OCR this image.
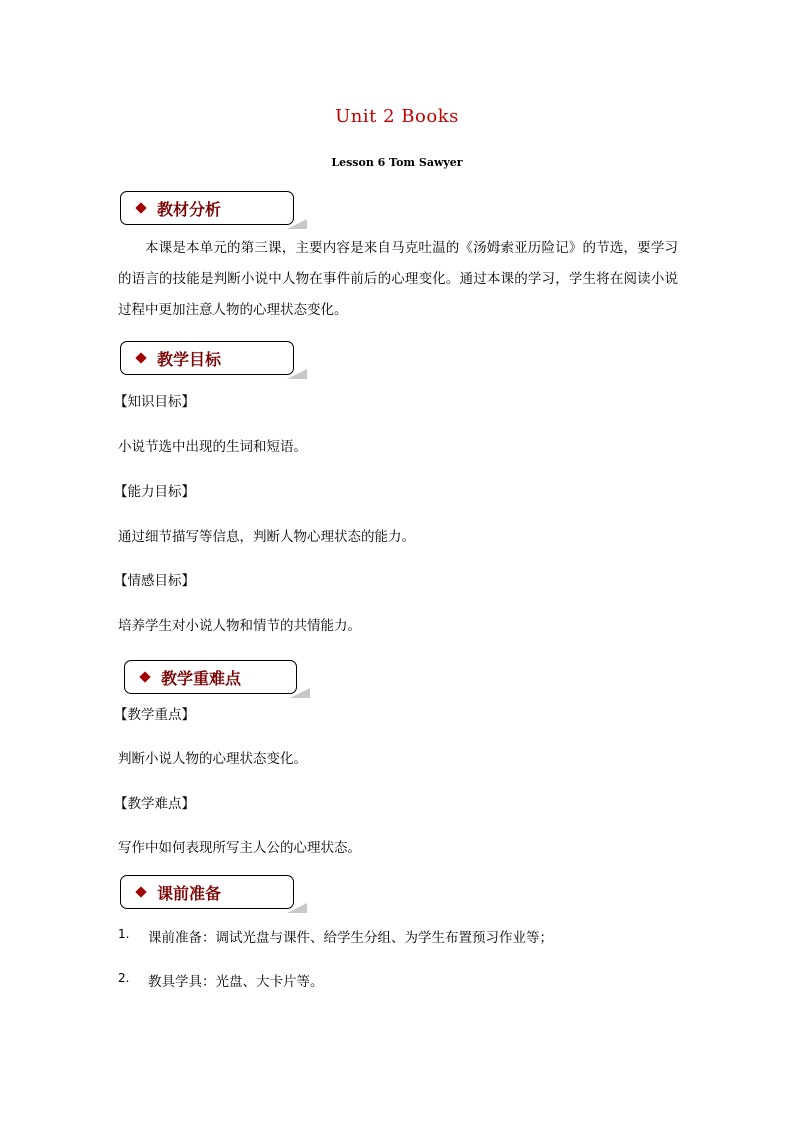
Unit 2 Books
Lesson 6 Tom Sawyer
教材分析
本课是本单元的第三课，主要内容是来自马克吐温的《汤姆索亚历险记》的节选，要学习的语言的技能是判断小说中人物在事件前后的心理变化。通过本课的学习，学生将在阅读小说过程中更加注意人物的心理状态变化。
教学目标
【知识目标】
小说节选中出现的生词和短语。
【能力目标】
通过细节描写等信息，判断人物心理状态的能力。
【情感目标】
培养学生对小说人物和情节的共情能力。
教学重难点
【教学重点】
判断小说人物的心理状态变化。
【教学难点】
写作中如何表现所写主人公的心理状态。
课前准备
1.	课前准备：调试光盘与课件、给学生分组、为学生布置预习作业等；
2.	教具学具：光盘、大卡片等。
